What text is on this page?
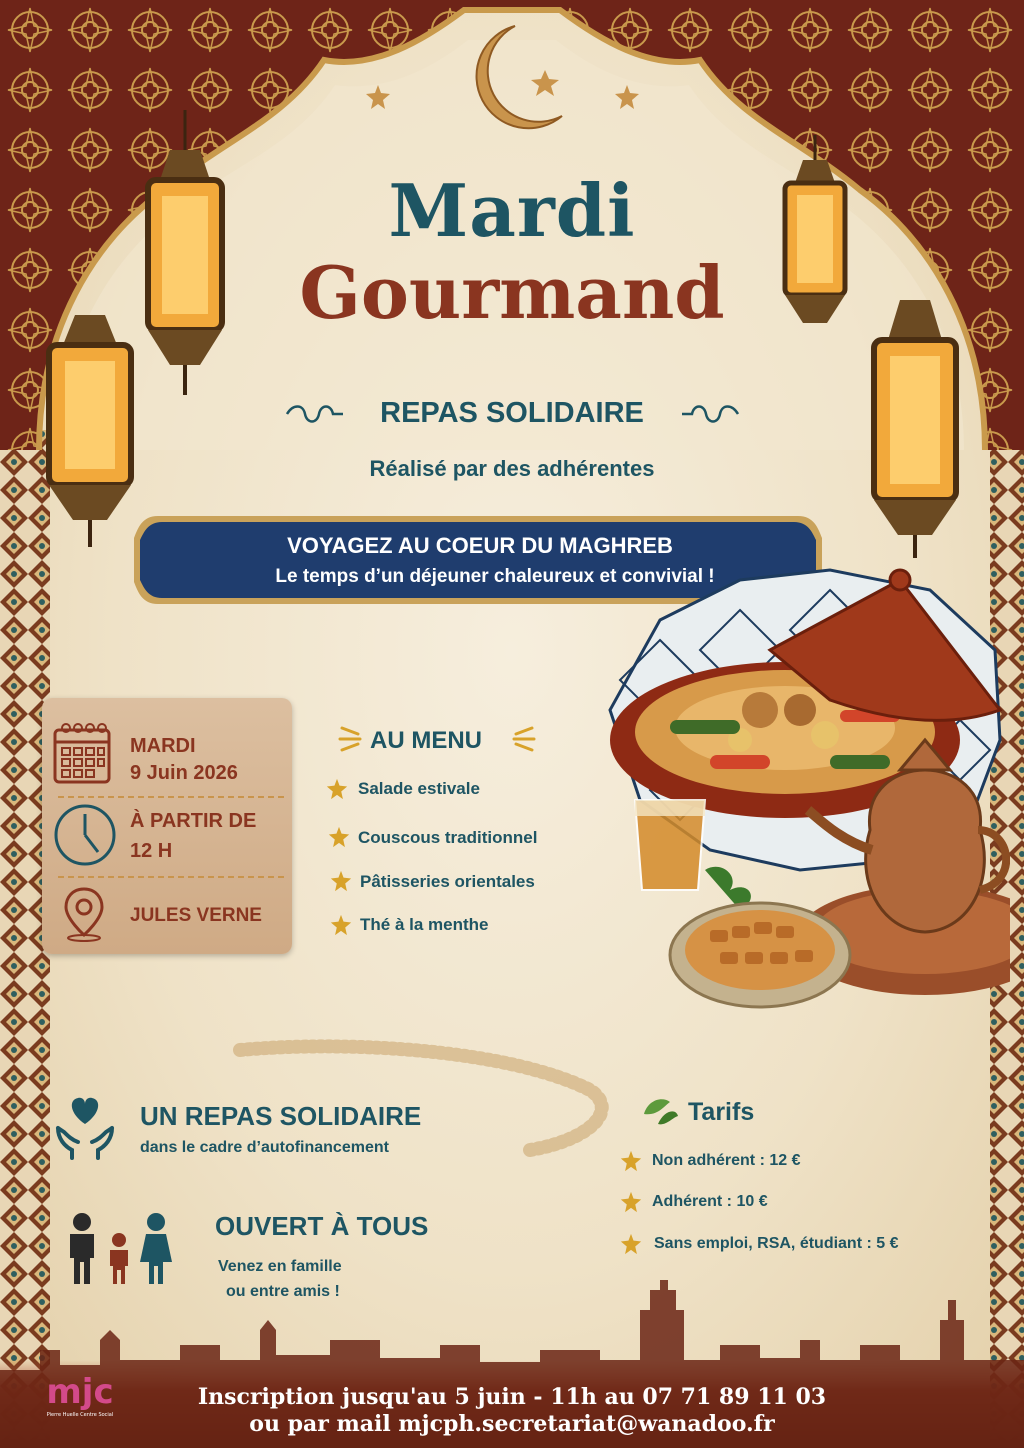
Mardi
Gourmand
REPAS SOLIDAIRE
Réalisé par des adhérentes
VOYAGEZ AU COEUR DU MAGHREB
Le temps d’un déjeuner chaleureux et convivial !
MARDI
9 Juin 2026
À PARTIR DE
12 H
JULES VERNE
AU MENU
Salade estivale
Couscous traditionnel
Pâtisseries orientales
Thé à la menthe
UN REPAS SOLIDAIRE
dans le cadre d’autofinancement
OUVERT À TOUS
Venez en famille
ou entre amis !
Tarifs
Non adhérent : 12 €
Adhérent : 10 €
Sans emploi, RSA, étudiant : 5 €
mjc
Pierre Huelle Centre Social
Inscription jusqu'au 5 juin - 11h au 07 71 89 11 03
ou par mail mjcph.secretariat@wanadoo.fr
